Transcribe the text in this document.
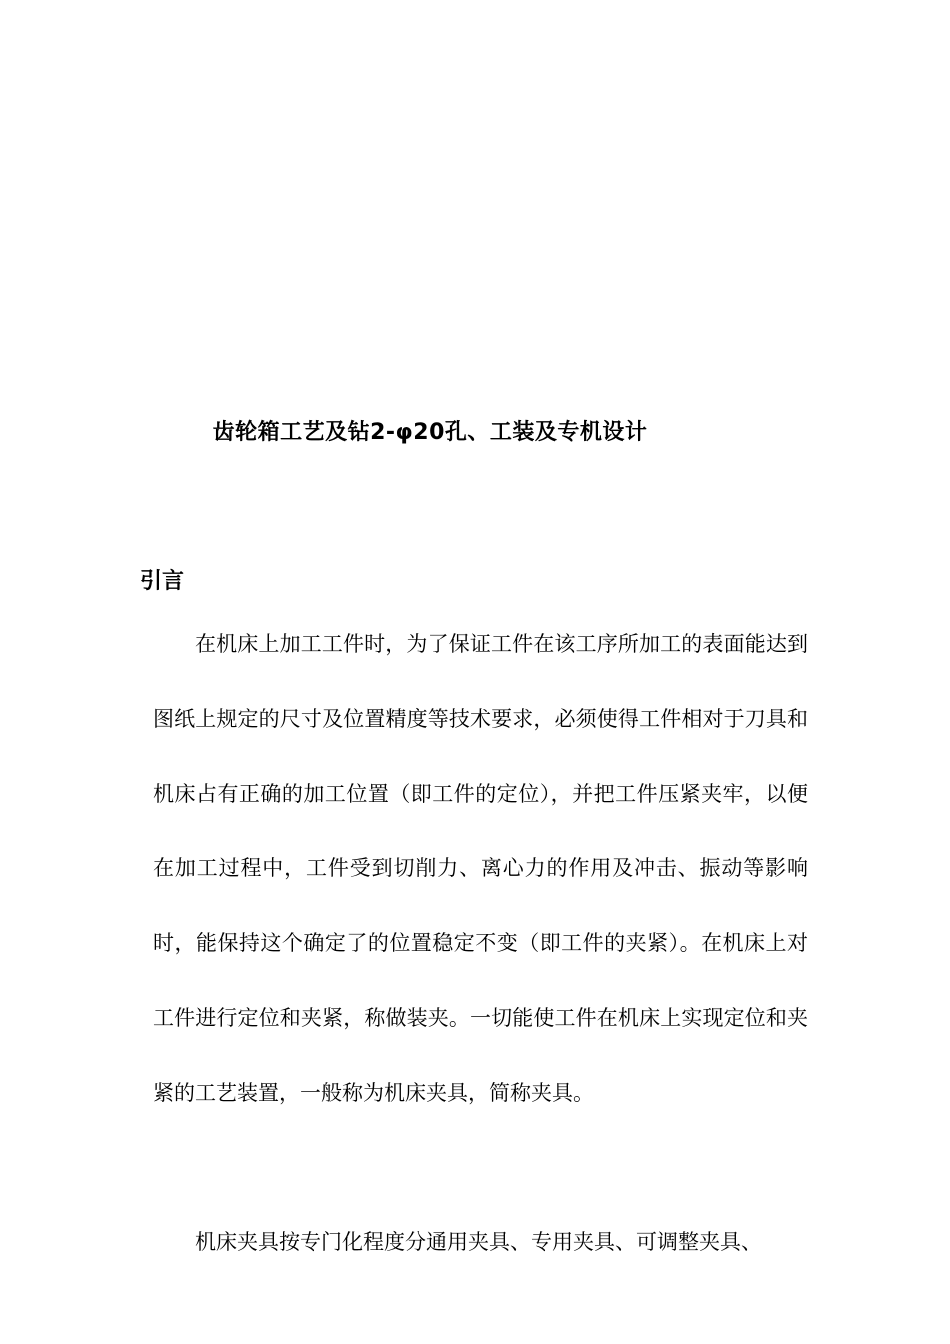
齿轮箱工艺及钻2-φ20孔、工装及专机设计
引言

在机床上加工工件时，为了保证工件在该工序所加工的表面能达到图纸上规定的尺寸及位置精度等技术要求，必须使得工件相对于刀具和机床占有正确的加工位置（即工件的定位），并把工件压紧夹牢，以便在加工过程中，工件受到切削力、离心力的作用及冲击、振动等影响时，能保持这个确定了的位置稳定不变（即工件的夹紧）。在机床上对工件进行定位和夹紧，称做装夹。一切能使工件在机床上实现定位和夹紧的工艺装置，一般称为机床夹具，简称夹具。

机床夹具按专门化程度分通用夹具、专用夹具、可调整夹具、
